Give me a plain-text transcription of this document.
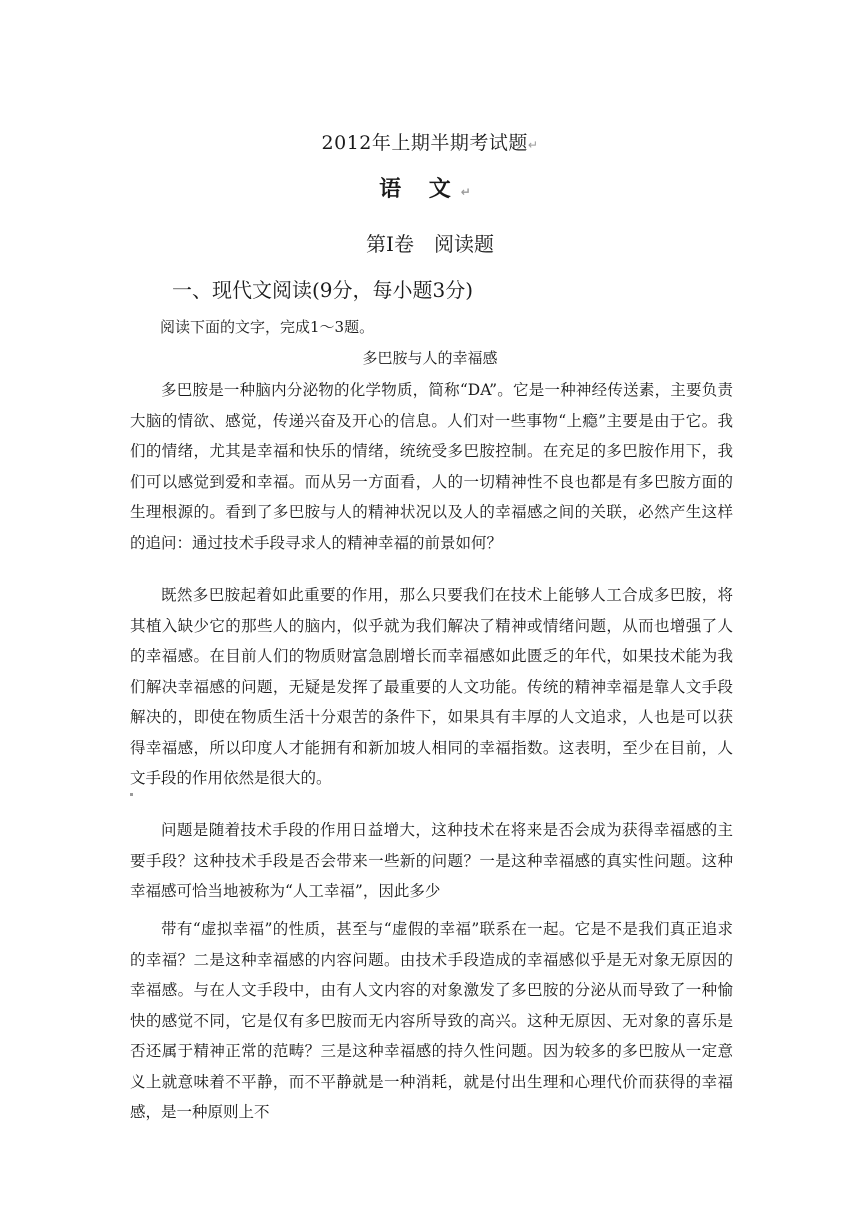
2012年上期半期考试题↵
语 文↵
第Ⅰ卷　阅读题
一、现代文阅读(9分，每小题3分)
阅读下面的文字，完成1～3题。
多巴胺与人的幸福感

多巴胺是一种脑内分泌物的化学物质，简称“DA”。它是一种神经传送素，主要负责大脑的情欲、感觉，传递兴奋及开心的信息。人们对一些事物“上瘾”主要是由于它。我们的情绪，尤其是幸福和快乐的情绪，统统受多巴胺控制。在充足的多巴胺作用下，我们可以感觉到爱和幸福。而从另一方面看，人的一切精神性不良也都是有多巴胺方面的生理根源的。看到了多巴胺与人的精神状况以及人的幸福感之间的关联，必然产生这样的追问：通过技术手段寻求人的精神幸福的前景如何？

既然多巴胺起着如此重要的作用，那么只要我们在技术上能够人工合成多巴胺，将其植入缺少它的那些人的脑内，似乎就为我们解决了精神或情绪问题，从而也增强了人的幸福感。在目前人们的物质财富急剧增长而幸福感如此匮乏的年代，如果技术能为我们解决幸福感的问题，无疑是发挥了最重要的人文功能。传统的精神幸福是靠人文手段解决的，即使在物质生活十分艰苦的条件下，如果具有丰厚的人文追求，人也是可以获得幸福感，所以印度人才能拥有和新加坡人相同的幸福指数。这表明，至少在目前，人文手段的作用依然是很大的。

问题是随着技术手段的作用日益增大，这种技术在将来是否会成为获得幸福感的主要手段？这种技术手段是否会带来一些新的问题？一是这种幸福感的真实性问题。这种幸福感可恰当地被称为“人工幸福”，因此多少

带有“虚拟幸福”的性质，甚至与“虚假的幸福”联系在一起。它是不是我们真正追求的幸福？二是这种幸福感的内容问题。由技术手段造成的幸福感似乎是无对象无原因的幸福感。与在人文手段中，由有人文内容的对象激发了多巴胺的分泌从而导致了一种愉快的感觉不同，它是仅有多巴胺而无内容所导致的高兴。这种无原因、无对象的喜乐是否还属于精神正常的范畴？三是这种幸福感的持久性问题。因为较多的多巴胺从一定意义上就意味着不平静，而不平静就是一种消耗，就是付出生理和心理代价而获得的幸福感，是一种原则上不
